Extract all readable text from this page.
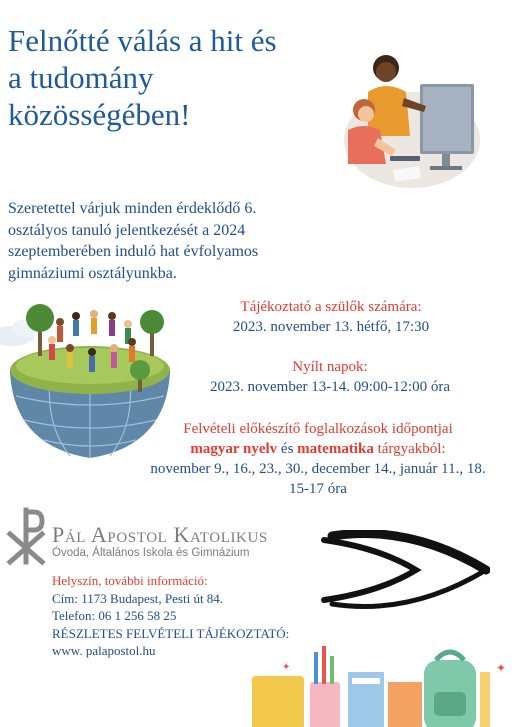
Felnőtté válás a hit és
a tudomány
közösségében!
Szeretettel várjuk minden érdeklődő 6.
osztályos tanuló jelentkezését a 2024
szeptemberében induló hat évfolyamos
gimnáziumi osztályunkba.
Tájékoztató a szülők számára:
2023. november 13. hétfő, 17:30
Nyílt napok:
2023. november 13-14. 09:00-12:00 óra
Felvételi előkészítő foglalkozások időpontjai
magyar nyelv és matematika tárgyakból:
november 9., 16., 23., 30., december 14., január 11., 18.
15-17 óra
Pál Apostol Katolikus
Óvoda, Általános Iskola és Gimnázium
Helyszín, további információ:
Cím: 1173 Budapest, Pesti út 84.
Telefon: 06 1 256 58 25
RÉSZLETES FELVÉTELI TÁJÉKOZTATÓ:
www. palapostol.hu
✦
✦
